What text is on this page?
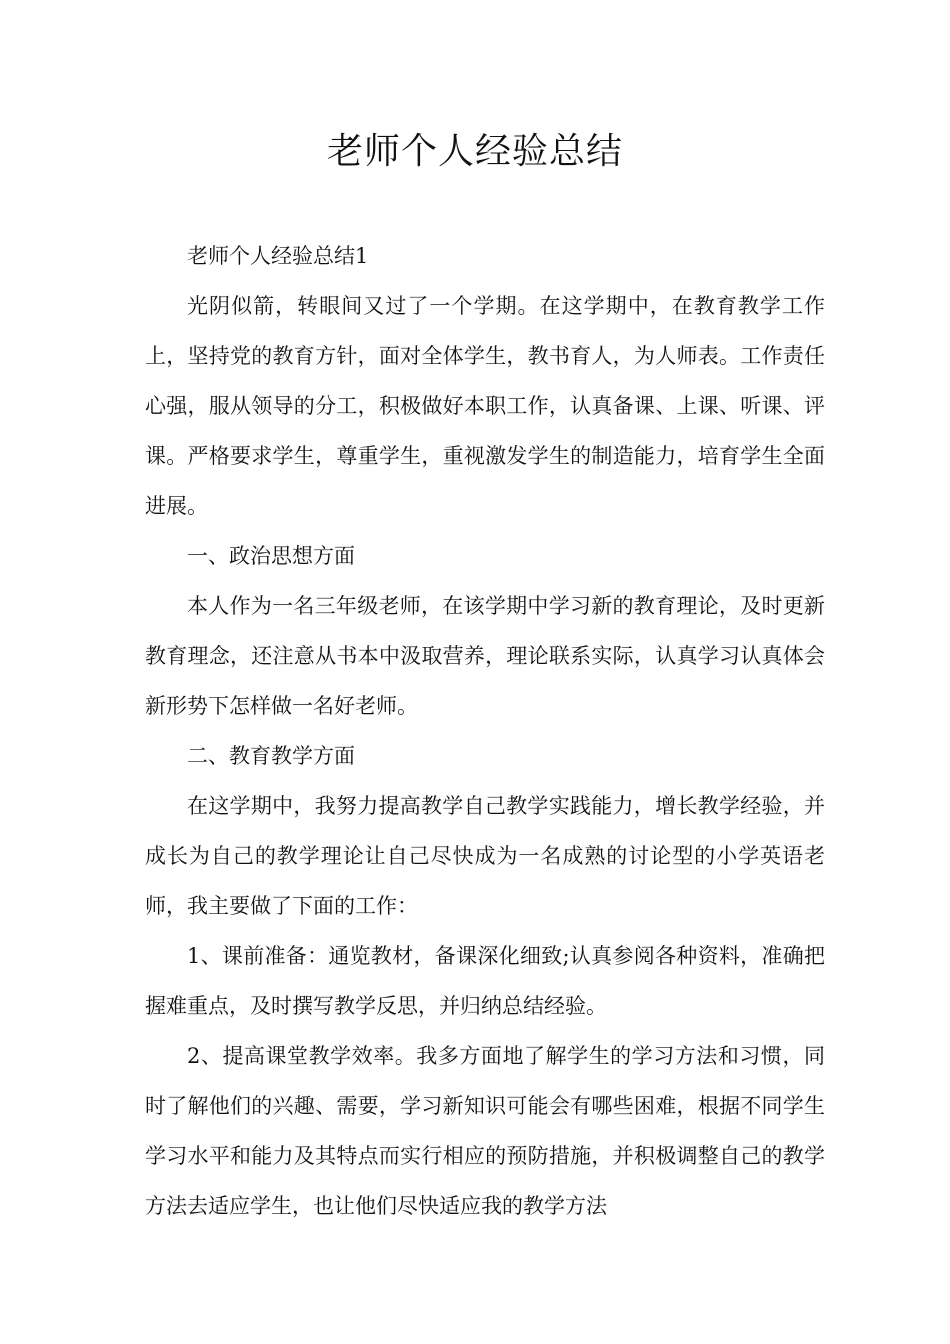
老师个人经验总结

老师个人经验总结1

光阴似箭，转眼间又过了一个学期。在这学期中，在教育教学工作上，坚持党的教育方针，面对全体学生，教书育人，为人师表。工作责任心强，服从领导的分工，积极做好本职工作，认真备课、上课、听课、评课。严格要求学生，尊重学生，重视激发学生的制造能力，培育学生全面进展。

一、政治思想方面

本人作为一名三年级老师，在该学期中学习新的教育理论，及时更新教育理念，还注意从书本中汲取营养，理论联系实际，认真学习认真体会新形势下怎样做一名好老师。

二、教育教学方面

在这学期中，我努力提高教学自己教学实践能力，增长教学经验，并成长为自己的教学理论让自己尽快成为一名成熟的讨论型的小学英语老师，我主要做了下面的工作：

1、课前准备：通览教材，备课深化细致;认真参阅各种资料，准确把握难重点，及时撰写教学反思，并归纳总结经验。

2、提高课堂教学效率。我多方面地了解学生的学习方法和习惯，同时了解他们的兴趣、需要，学习新知识可能会有哪些困难，根据不同学生学习水平和能力及其特点而实行相应的预防措施，并积极调整自己的教学方法去适应学生，也让他们尽快适应我的教学方法
